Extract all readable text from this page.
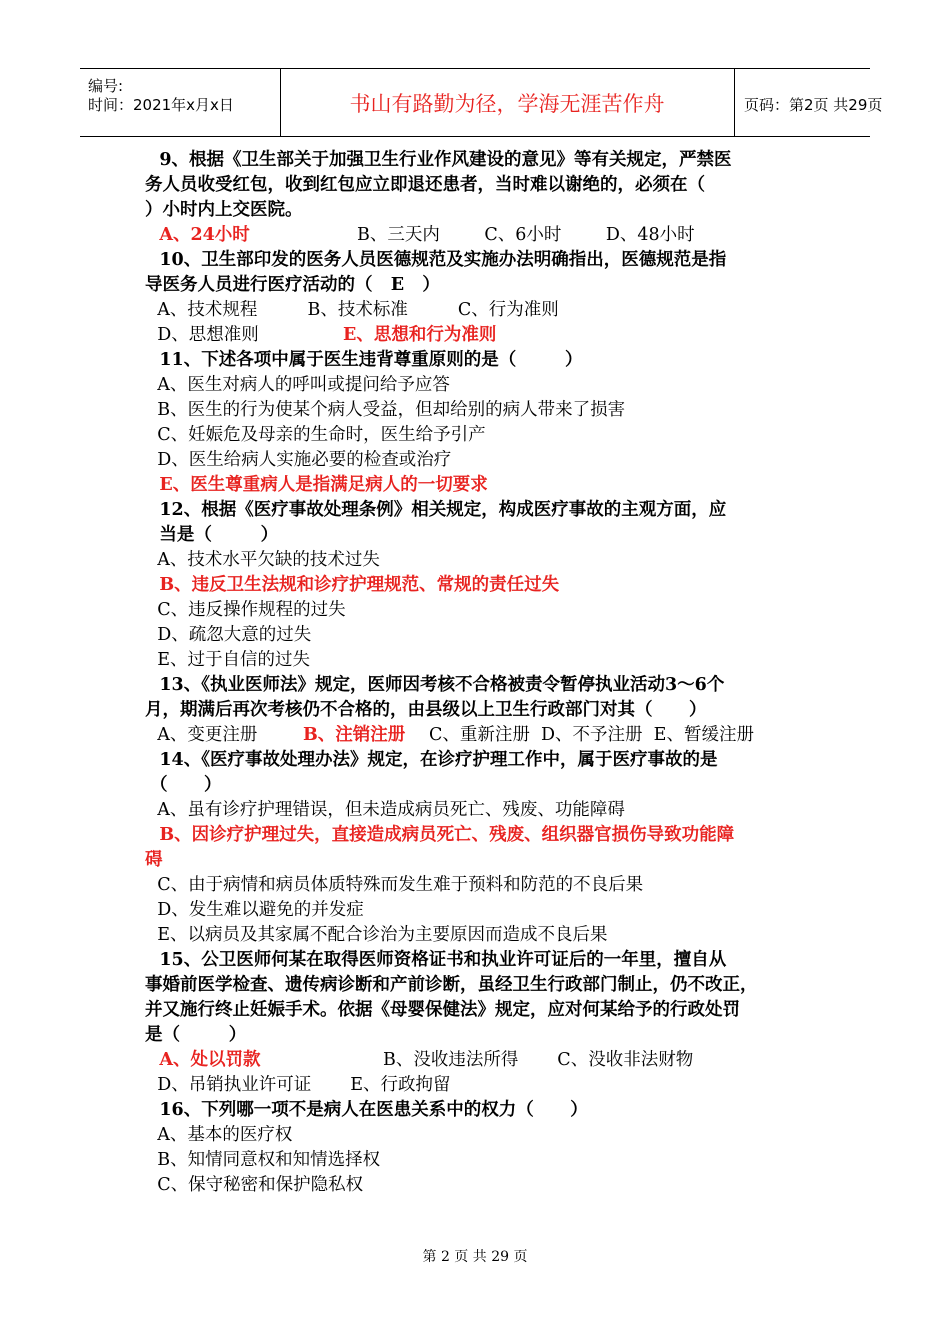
编号:
时间：2021年x月x日	书山有路勤为径，学海无涯苦作舟	页码：第2页 共29页
9、根据《卫生部关于加强卫生行业作风建设的意见》等有关规定，严禁医
务人员收受红包，收到红包应立即退还患者，当时难以谢绝的，必须在（
）小时内上交医院。
A、24小时	B、三天内        C、6小时        D、48小时
10、卫生部印发的医务人员医德规范及实施办法明确指出，医德规范是指
导医务人员进行医疗活动的（   E   ）
A、技术规程         B、技术标准         C、行为准则
D、思想准则	E、思想和行为准则
11、下述各项中属于医生违背尊重原则的是（        ）
A、医生对病人的呼叫或提问给予应答
B、医生的行为使某个病人受益，但却给别的病人带来了损害
C、妊娠危及母亲的生命时，医生给予引产
D、医生给病人实施必要的检查或治疗
E、医生尊重病人是指满足病人的一切要求
12、根据《医疗事故处理条例》相关规定，构成医疗事故的主观方面，应
当是（        ）
A、技术水平欠缺的技术过失
B、违反卫生法规和诊疗护理规范、常规的责任过失
C、违反操作规程的过失
D、疏忽大意的过失
E、过于自信的过失
13、《执业医师法》规定，医师因考核不合格被责令暂停执业活动3～6个
月，期满后再次考核仍不合格的，由县级以上卫生行政部门对其（      ）
A、变更注册	B、注销注册 C、重新注册  D、不予注册  E、暂缓注册
14、《医疗事故处理办法》规定，在诊疗护理工作中，属于医疗事故的是
（      ）
A、虽有诊疗护理错误，但未造成病员死亡、残废、功能障碍
B、因诊疗护理过失，直接造成病员死亡、残废、组织器官损伤导致功能障
碍
C、由于病情和病员体质特殊而发生难于预料和防范的不良后果
D、发生难以避免的并发症
E、以病员及其家属不配合诊治为主要原因而造成不良后果
15、公卫医师何某在取得医师资格证书和执业许可证后的一年里，擅自从
事婚前医学检查、遗传病诊断和产前诊断，虽经卫生行政部门制止，仍不改正，
并又施行终止妊娠手术。依据《母婴保健法》规定，应对何某给予的行政处罚
是（        ）
A、处以罚款	B、没收违法所得       C、没收非法财物
D、吊销执业许可证       E、行政拘留
16、下列哪一项不是病人在医患关系中的权力（      ）
A、基本的医疗权
B、知情同意权和知情选择权
C、保守秘密和保护隐私权
第 2 页 共 29 页
